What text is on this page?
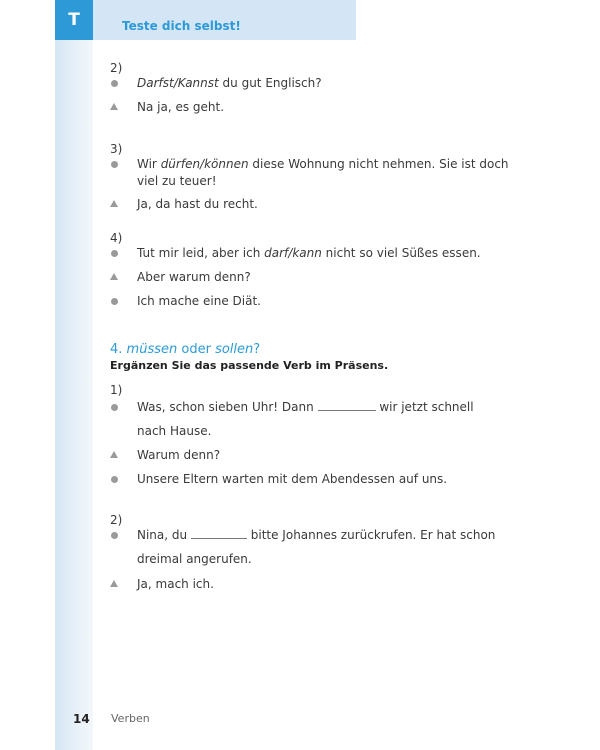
T	Teste dich selbst!
2)
Darfst/Kannst du gut Englisch?
Na ja, es geht.
3)
Wir dürfen/können diese Wohnung nicht nehmen. Sie ist doch
viel zu teuer!
Ja, da hast du recht.
4)
Tut mir leid, aber ich darf/kann nicht so viel Süßes essen.
Aber warum denn?
Ich mache eine Diät.
4. müssen oder sollen?
Ergänzen Sie das passende Verb im Präsens.
1)
Was, schon sieben Uhr! Dann	wir jetzt schnell
nach Hause.
Warum denn?
Unsere Eltern warten mit dem Abendessen auf uns.
2)
Nina, du	bitte Johannes zurückrufen. Er hat schon
dreimal angerufen.
Ja, mach ich.
14 Verben
